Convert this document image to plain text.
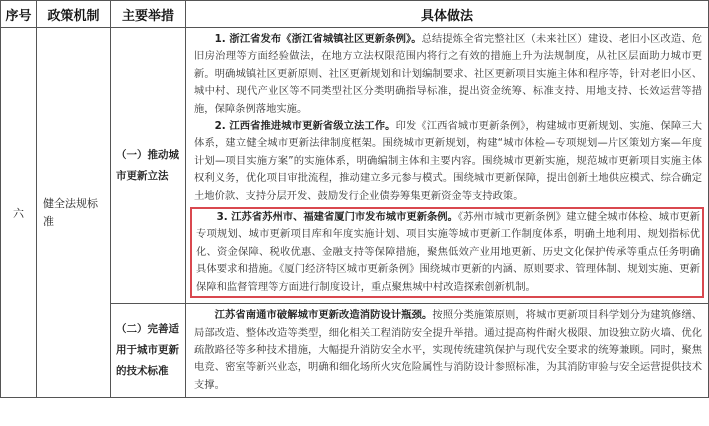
序号	政策机制	主要举措	具体做法
六	健全法规标准	（一）推动城市更新立法	1. 浙江省发布《浙江省城镇社区更新条例》。总结提炼全省完整社区（未来社区）建设、老旧小区改造、危旧房治理等方面经验做法，在地方立法权限范围内将行之有效的措施上升为法规制度，从社区层面助力城市更新。明确城镇社区更新原则、社区更新规划和计划编制要求、社区更新项目实施主体和程序等，针对老旧小区、城中村、现代产业区等不同类型社区分类明确指导标准，提出资金统筹、标准支持、用地支持、长效运营等措施，保障条例落地实施。

2. 江西省推进城市更新省级立法工作。印发《江西省城市更新条例》，构建城市更新规划、实施、保障三大体系，建立健全城市更新法律制度框架。围绕城市更新规划，构建“城市体检—专项规划—片区策划方案—年度计划—项目实施方案”的实施体系，明确编制主体和主要内容。围绕城市更新实施，规范城市更新项目实施主体权利义务，优化项目审批流程，推动建立多元参与模式。围绕城市更新保障，提出创新土地供应模式、综合确定土地价款、支持分层开发、鼓励发行企业债券筹集更新资金等支持政策。

3. 江苏省苏州市、福建省厦门市发布城市更新条例。《苏州市城市更新条例》建立健全城市体检、城市更新专项规划、城市更新项目库和年度实施计划、项目实施等城市更新工作制度体系，明确土地利用、规划指标优化、资金保障、税收优惠、金融支持等保障措施，聚焦低效产业用地更新、历史文化保护传承等重点任务明确具体要求和措施。《厦门经济特区城市更新条例》围绕城市更新的内涵、原则要求、管理体制、规划实施、更新保障和监督管理等方面进行制度设计，重点聚焦城中村改造探索创新机制。

		（二）完善适用于城市更新的技术标准	江苏省南通市破解城市更新改造消防设计瓶颈。按照分类施策原则，将城市更新项目科学划分为建筑修缮、局部改造、整体改造等类型，细化相关工程消防安全提升举措。通过提高构件耐火极限、加设独立防火墙、优化疏散路径等多种技术措施，大幅提升消防安全水平，实现传统建筑保护与现代安全要求的统筹兼顾。同时，聚焦电竞、密室等新兴业态，明确和细化场所火灾危险属性与消防设计参照标准，为其消防审验与安全运营提供技术支撑。
